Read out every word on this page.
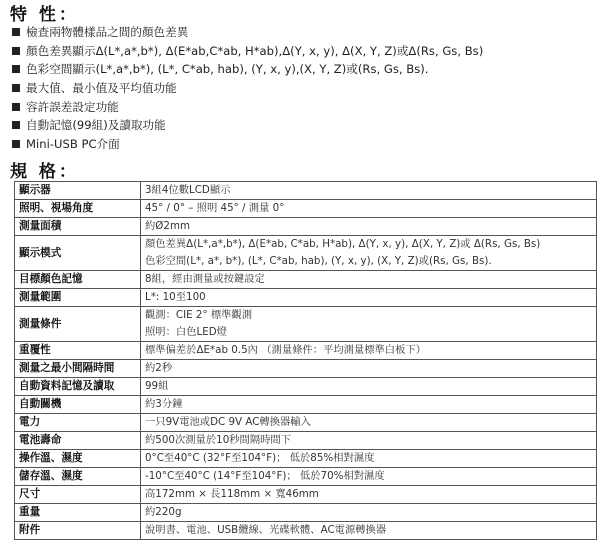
特 性：
檢查兩物體樣品之間的顏色差異
顏色差異顯示Δ(L*,a*,b*), Δ(E*ab,C*ab, H*ab),Δ(Y, x, y), Δ(X, Y, Z)或Δ(Rs, Gs, Bs)
色彩空間顯示(L*,a*,b*), (L*, C*ab, hab), (Y, x, y),(X, Y, Z)或(Rs, Gs, Bs).
最大值、最小值及平均值功能
容許誤差設定功能
自動記憶(99組)及讀取功能
Mini-USB PC介面
規 格：
顯示器	3組4位數LCD顯示

照明、視場角度	45° / 0° – 照明 45° / 測量 0°

測量面積	約Ø2mm

顯示模式	顏色差異Δ(L*,a*,b*), Δ(E*ab, C*ab, H*ab), Δ(Y, x, y), Δ(X, Y, Z)或 Δ(Rs, Gs, Bs)
色彩空間(L*, a*, b*), (L*, C*ab, hab), (Y, x, y), (X, Y, Z)或(Rs, Gs, Bs).

目標顏色記憶	8組，經由測量或按鍵設定

測量範圍	L*: 10至100

測量條件	觀測：CIE 2° 標準觀測
照明：白色LED燈

重覆性	標準偏差於ΔE*ab 0.5內 （測量條件：平均測量標準白板下）

測量之最小間隔時間	約2秒

自動資料記憶及讀取	99組

自動關機	約3分鐘

電力	一只9V電池或DC 9V AC轉換器輸入

電池壽命	約500次測量於10秒間隔時間下

操作溫、濕度	0°C至40°C (32°F至104°F)； 低於85%相對濕度

儲存溫、濕度	-10°C至40°C (14°F至104°F)； 低於70%相對濕度

尺寸	高172mm × 長118mm × 寬46mm

重量	約220g

附件	說明書、電池、USB纜線、光碟軟體、AC電源轉換器
